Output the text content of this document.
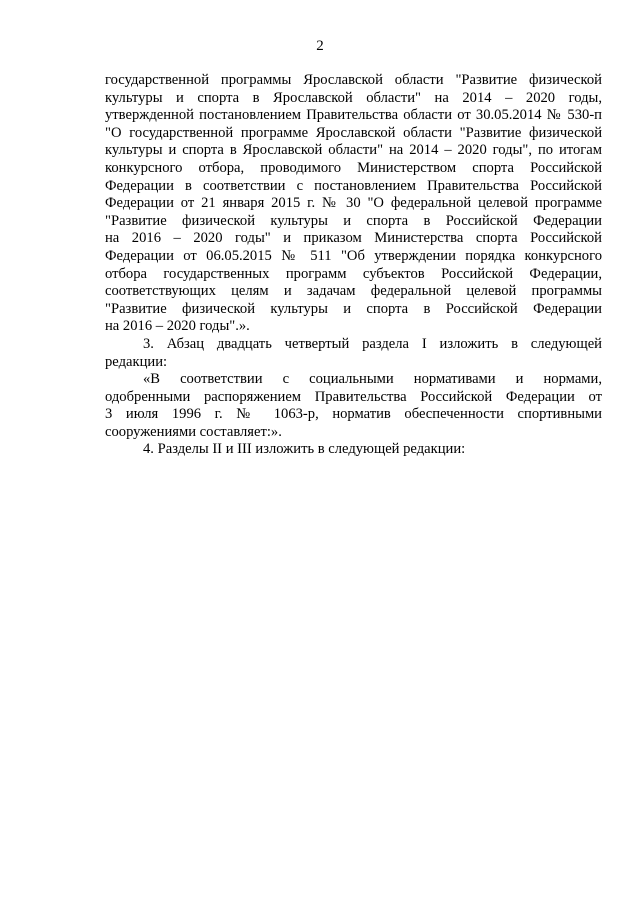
2
государственной программы Ярославской области "Развитие физической
культуры и спорта в Ярославской области" на 2014 – 2020 годы,
утвержденной постановлением Правительства области от 30.05.2014 № 530-п
"О государственной программе Ярославской области "Развитие физической
культуры и спорта в Ярославской области" на 2014 – 2020 годы", по итогам
конкурсного отбора, проводимого Министерством спорта Российской
Федерации в соответствии с постановлением Правительства Российской
Федерации от 21 января 2015 г. № 30 "О федеральной целевой программе
"Развитие физической культуры и спорта в Российской Федерации
на 2016 – 2020 годы" и приказом Министерства спорта Российской
Федерации от 06.05.2015 № 511 "Об утверждении порядка конкурсного
отбора государственных программ субъектов Российской Федерации,
соответствующих целям и задачам федеральной целевой программы
"Развитие физической культуры и спорта в Российской Федерации
на 2016 – 2020 годы".».
3. Абзац двадцать четвертый раздела I изложить в следующей
редакции:
«В соответствии с социальными нормативами и нормами,
одобренными распоряжением Правительства Российской Федерации от
3 июля 1996 г. № 1063-р, норматив обеспеченности спортивными
сооружениями составляет:».
4. Разделы II и III изложить в следующей редакции:
